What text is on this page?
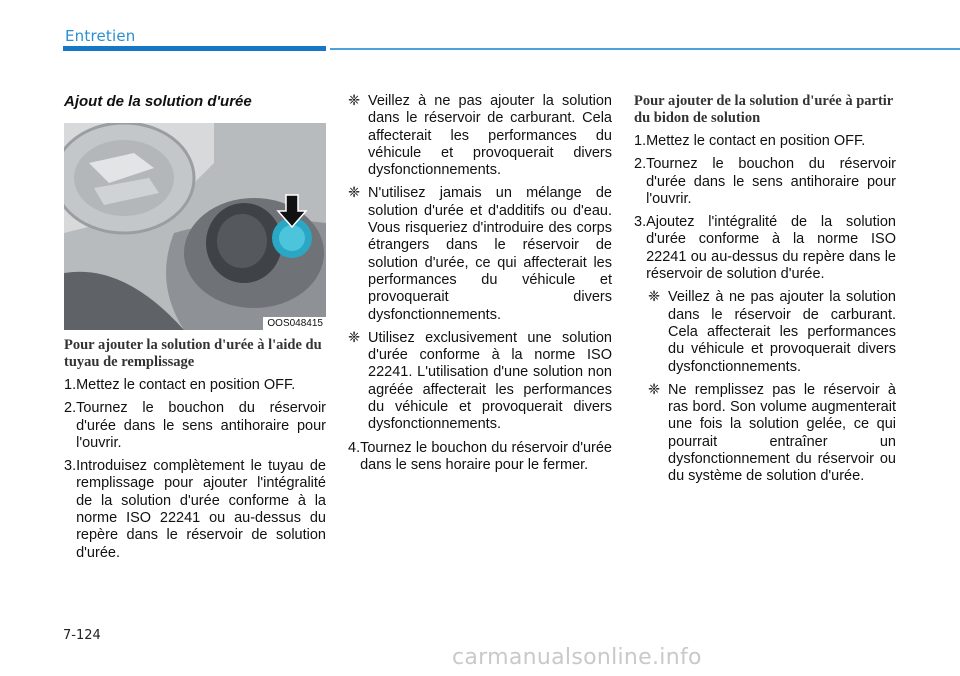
Entretien
Ajout de la solution d'urée
OOS048415
Pour ajouter la solution d'urée à l'aide du tuyau de remplissage
1. Mettez le contact en position OFF.
2. Tournez le bouchon du réservoir d'urée dans le sens antihoraire pour l'ouvrir.
3. Introduisez complètement le tuyau de remplissage pour ajouter l'intégralité de la solution d'urée conforme à la norme ISO 22241 ou au-dessus du repère dans le réservoir de solution d'urée.
❈ Veillez à ne pas ajouter la solution dans le réservoir de carburant. Cela affecterait les performances du véhicule et provoquerait divers dysfonctionnements.
❈ N'utilisez jamais un mélange de solution d'urée et d'additifs ou d'eau. Vous risqueriez d'introduire des corps étrangers dans le réservoir de solution d'urée, ce qui affecterait les performances du véhicule et provoquerait divers dysfonctionnements.
❈ Utilisez exclusivement une solution d'urée conforme à la norme ISO 22241. L'utilisation d'une solution non agréée affecterait les performances du véhicule et provoquerait divers dysfonctionnements.
4. Tournez le bouchon du réservoir d'urée dans le sens horaire pour le fermer.
Pour ajouter de la solution d'urée à partir du bidon de solution
1. Mettez le contact en position OFF.
2. Tournez le bouchon du réservoir d'urée dans le sens antihoraire pour l'ouvrir.
3. Ajoutez l'intégralité de la solution d'urée conforme à la norme ISO 22241 ou au-dessus du repère dans le réservoir de solution d'urée.
❈ Veillez à ne pas ajouter la solution dans le réservoir de carburant. Cela affecterait les performances du véhicule et provoquerait divers dysfonctionnements.
❈ Ne remplissez pas le réservoir à ras bord. Son volume augmenterait une fois la solution gelée, ce qui pourrait entraîner un dysfonctionnement du réservoir ou du système de solution d'urée.
7-124
carmanualsonline.info
